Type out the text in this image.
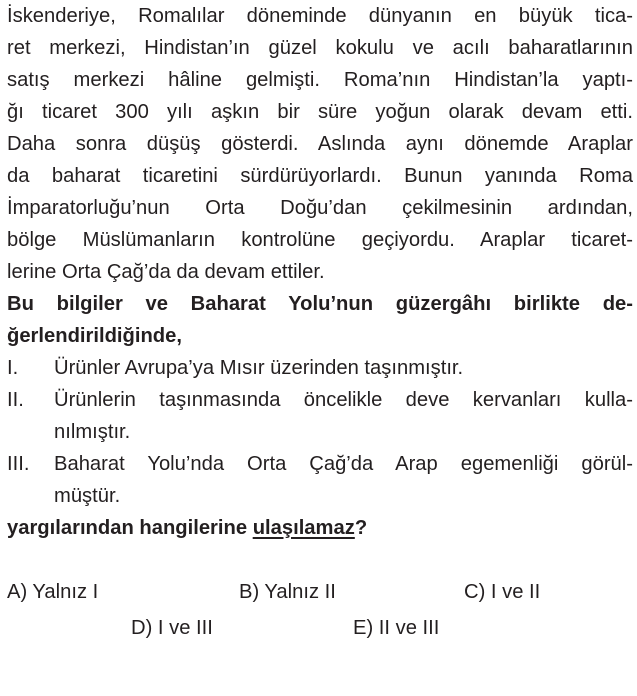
İskenderiye, Romalılar döneminde dünyanın en büyük tica-
ret merkezi, Hindistan’ın güzel kokulu ve acılı baharatlarının
satış merkezi hâline gelmişti. Roma’nın Hindistan’la yaptı-
ğı ticaret 300 yılı aşkın bir süre yoğun olarak devam etti.
Daha sonra düşüş gösterdi. Aslında aynı dönemde Araplar
da baharat ticaretini sürdürüyorlardı. Bunun yanında Roma
İmparatorluğu’nun Orta Doğu’dan çekilmesinin ardından,
bölge Müslümanların kontrolüne geçiyordu. Araplar ticaret-
lerine Orta Çağ’da da devam ettiler.
Bu bilgiler ve Baharat Yolu’nun güzergâhı birlikte de-
ğerlendirildiğinde,
I. Ürünler Avrupa’ya Mısır üzerinden taşınmıştır.
II. Ürünlerin taşınmasında öncelikle deve kervanları kulla-
nılmıştır.
III. Baharat Yolu’nda Orta Çağ’da Arap egemenliği görül-
müştür.
yargılarından hangilerine ulaşılamaz?
A) Yalnız I	B) Yalnız II	C) I ve II
D) I ve III	E) II ve III
